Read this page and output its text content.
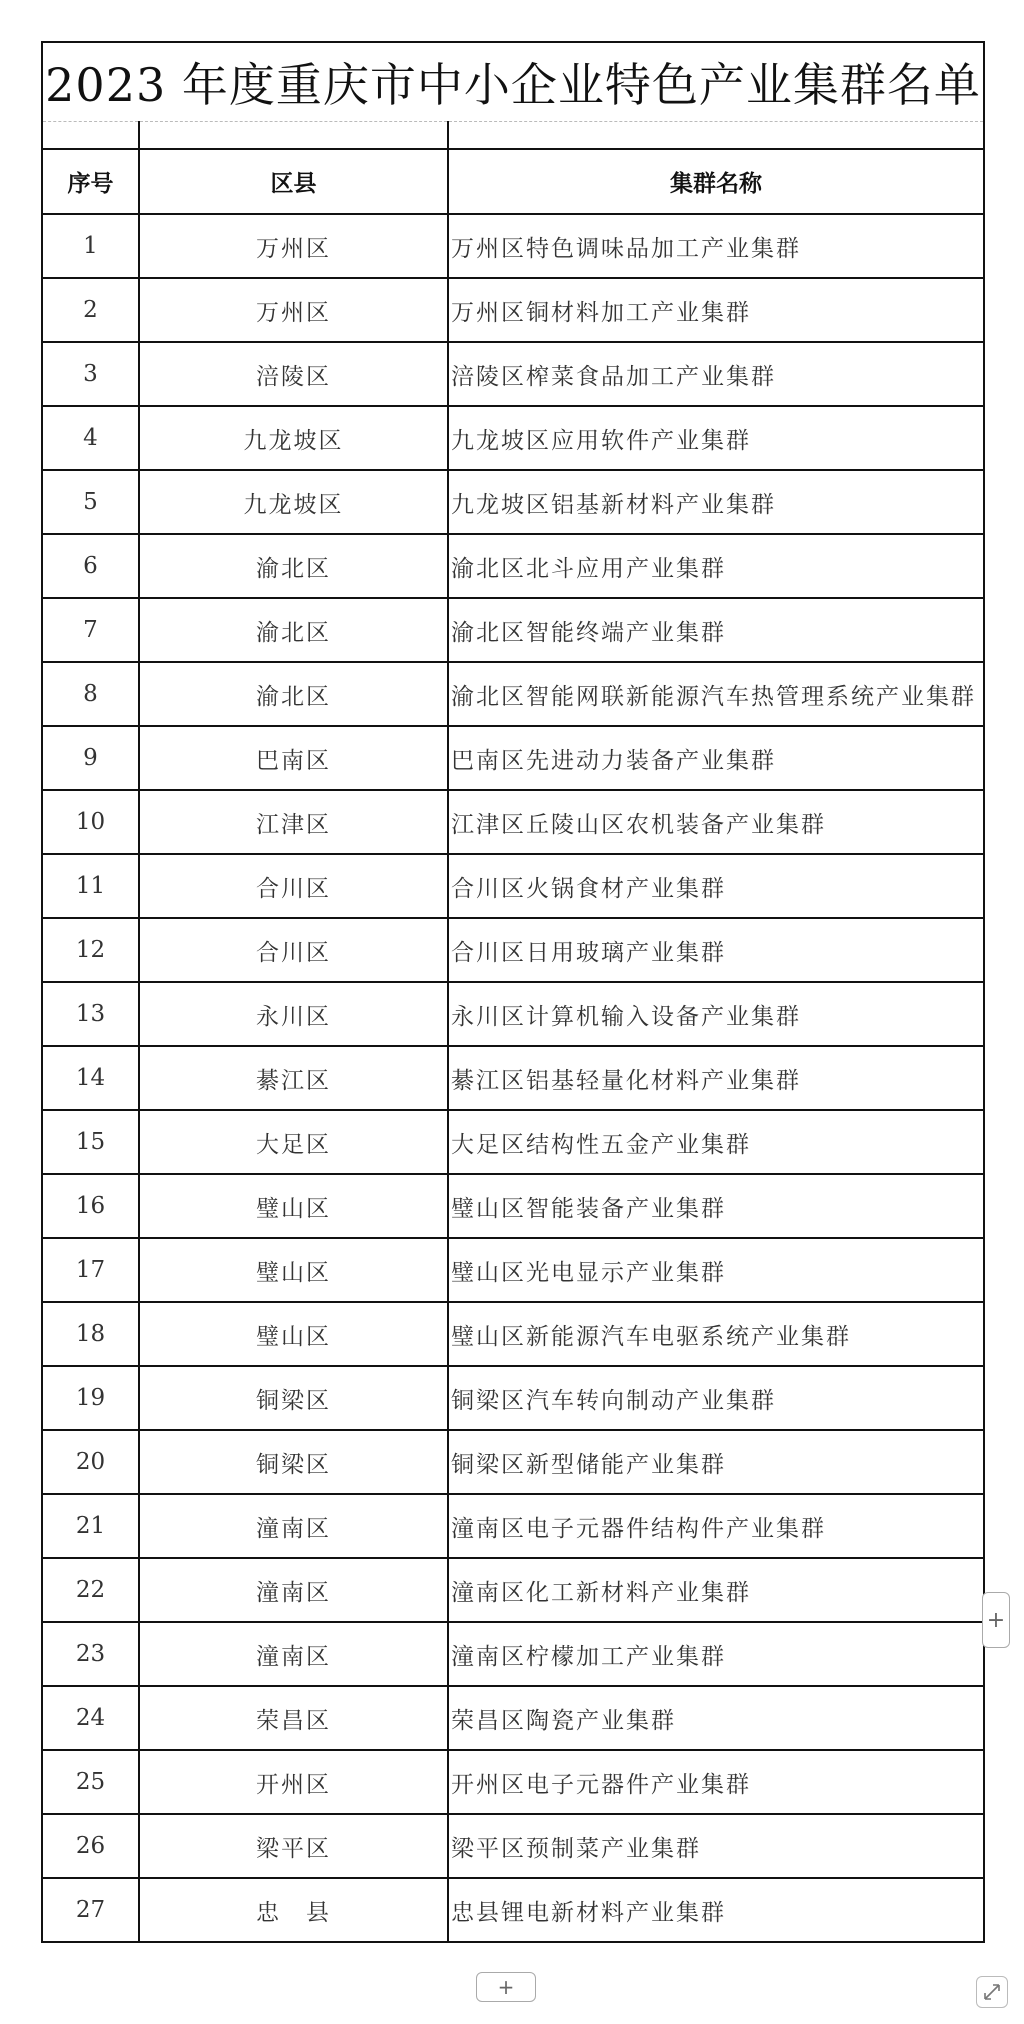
2023 年度重庆市中小企业特色产业集群名单		

序号	区县	集群名称
1	万州区	万州区特色调味品加工产业集群
2	万州区	万州区铜材料加工产业集群
3	涪陵区	涪陵区榨菜食品加工产业集群
4	九龙坡区	九龙坡区应用软件产业集群
5	九龙坡区	九龙坡区铝基新材料产业集群
6	渝北区	渝北区北斗应用产业集群
7	渝北区	渝北区智能终端产业集群
8	渝北区	渝北区智能网联新能源汽车热管理系统产业集群
9	巴南区	巴南区先进动力装备产业集群
10	江津区	江津区丘陵山区农机装备产业集群
11	合川区	合川区火锅食材产业集群
12	合川区	合川区日用玻璃产业集群
13	永川区	永川区计算机输入设备产业集群
14	綦江区	綦江区铝基轻量化材料产业集群
15	大足区	大足区结构性五金产业集群
16	璧山区	璧山区智能装备产业集群
17	璧山区	璧山区光电显示产业集群
18	璧山区	璧山区新能源汽车电驱系统产业集群
19	铜梁区	铜梁区汽车转向制动产业集群
20	铜梁区	铜梁区新型储能产业集群
21	潼南区	潼南区电子元器件结构件产业集群
22	潼南区	潼南区化工新材料产业集群
23	潼南区	潼南区柠檬加工产业集群
24	荣昌区	荣昌区陶瓷产业集群
25	开州区	开州区电子元器件产业集群
26	梁平区	梁平区预制菜产业集群
27	忠　县	忠县锂电新材料产业集群
+
+
